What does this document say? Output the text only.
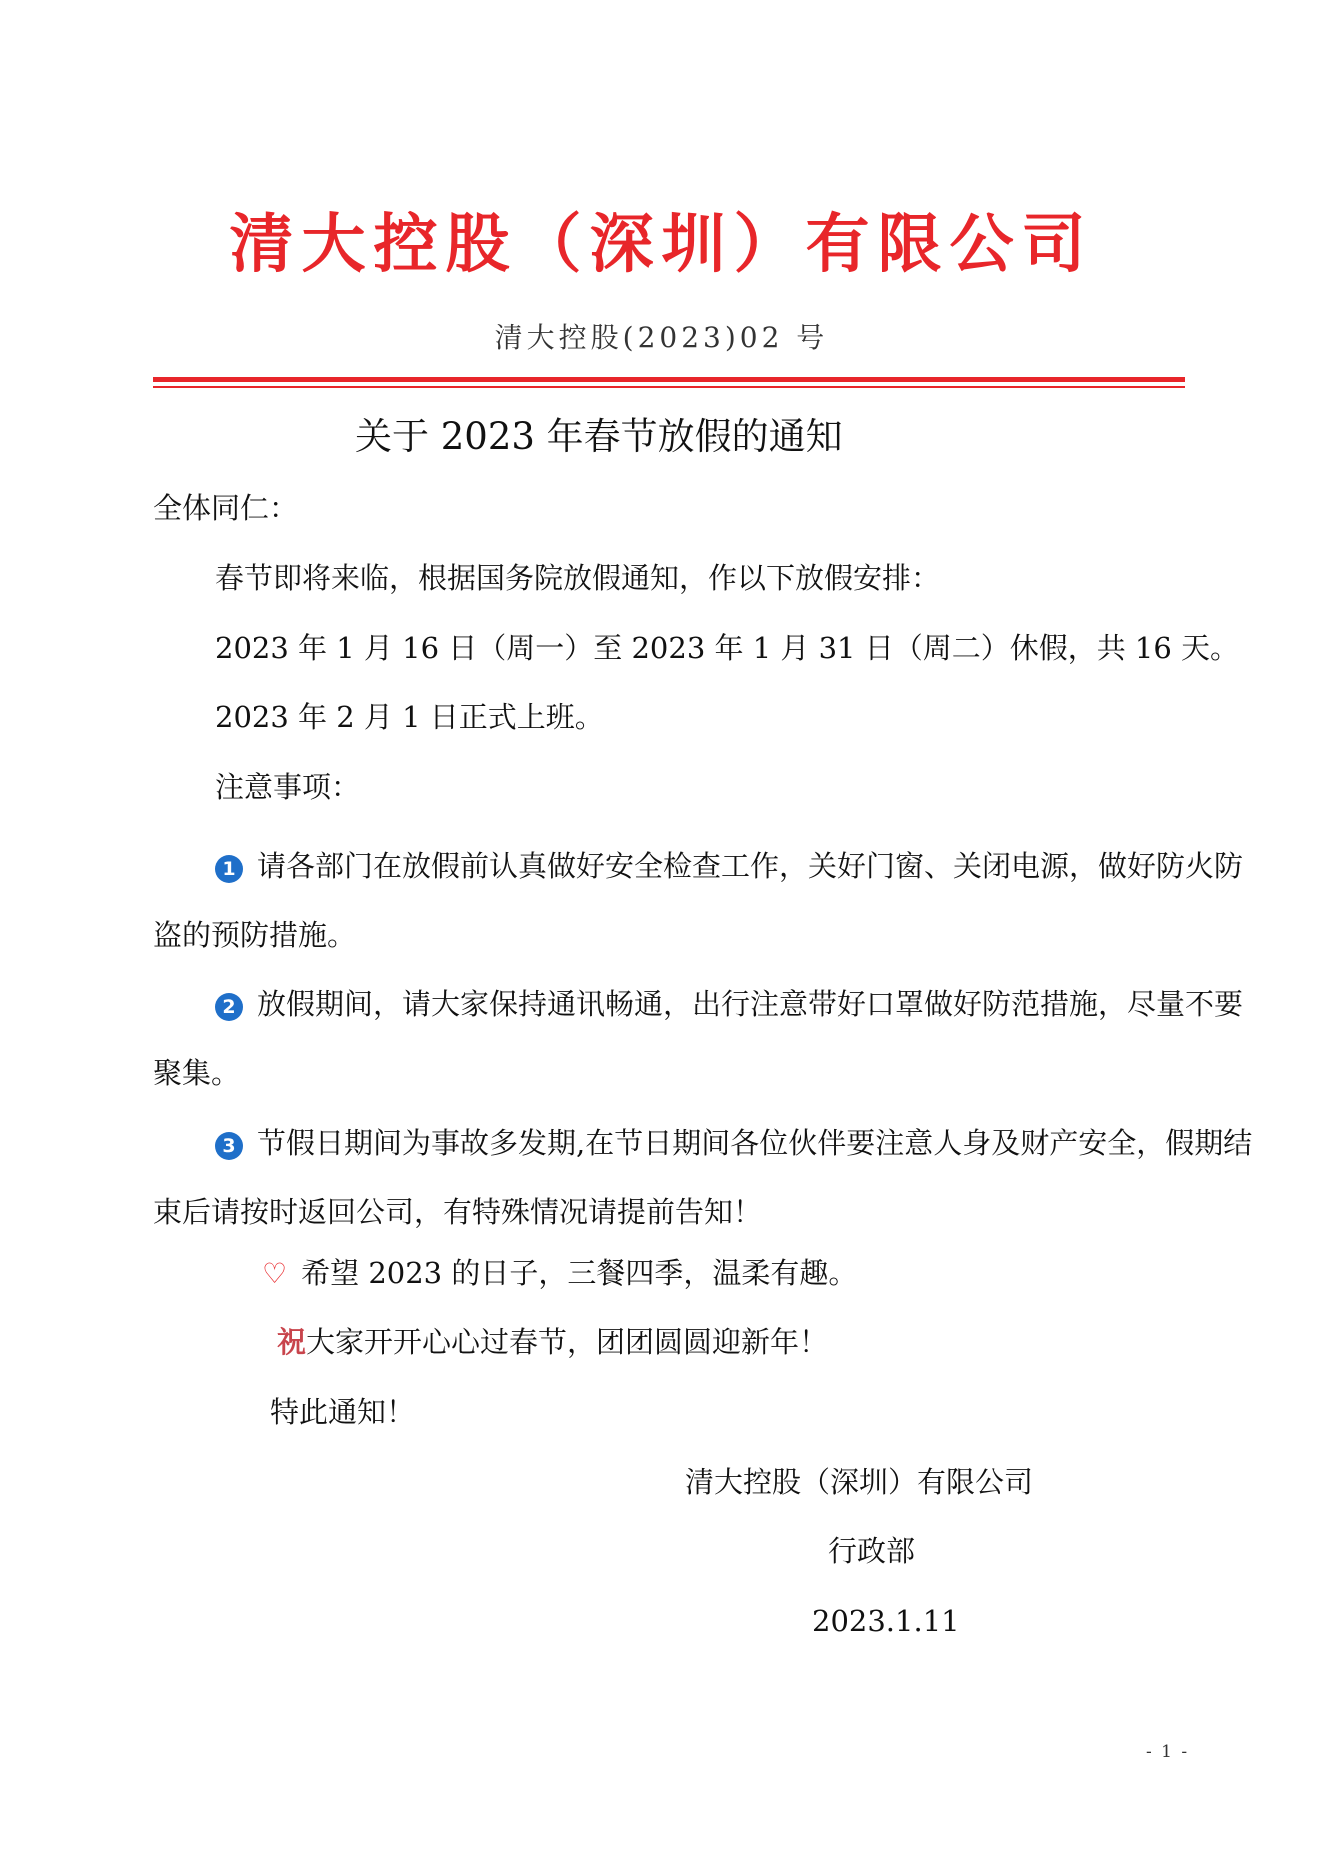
清大控股（深圳）有限公司
清大控股(2023)02 号
关于 2023 年春节放假的通知
全体同仁：
春节即将来临，根据国务院放假通知，作以下放假安排：
2023 年 1 月 16 日（周一）至 2023 年 1 月 31 日（周二）休假，共 16 天。
2023 年 2 月 1 日正式上班。
注意事项：
1 请各部门在放假前认真做好安全检查工作，关好门窗、关闭电源，做好防火防盗的预防措施。
2 放假期间，请大家保持通讯畅通，出行注意带好口罩做好防范措施，尽量不要聚集。
3 节假日期间为事故多发期,在节日期间各位伙伴要注意人身及财产安全，假期结束后请按时返回公司，有特殊情况请提前告知！
♡ 希望 2023 的日子，三餐四季，温柔有趣。
祝大家开开心心过春节，团团圆圆迎新年！
特此通知！
清大控股（深圳）有限公司
行政部
2023.1.11
- 1 -
